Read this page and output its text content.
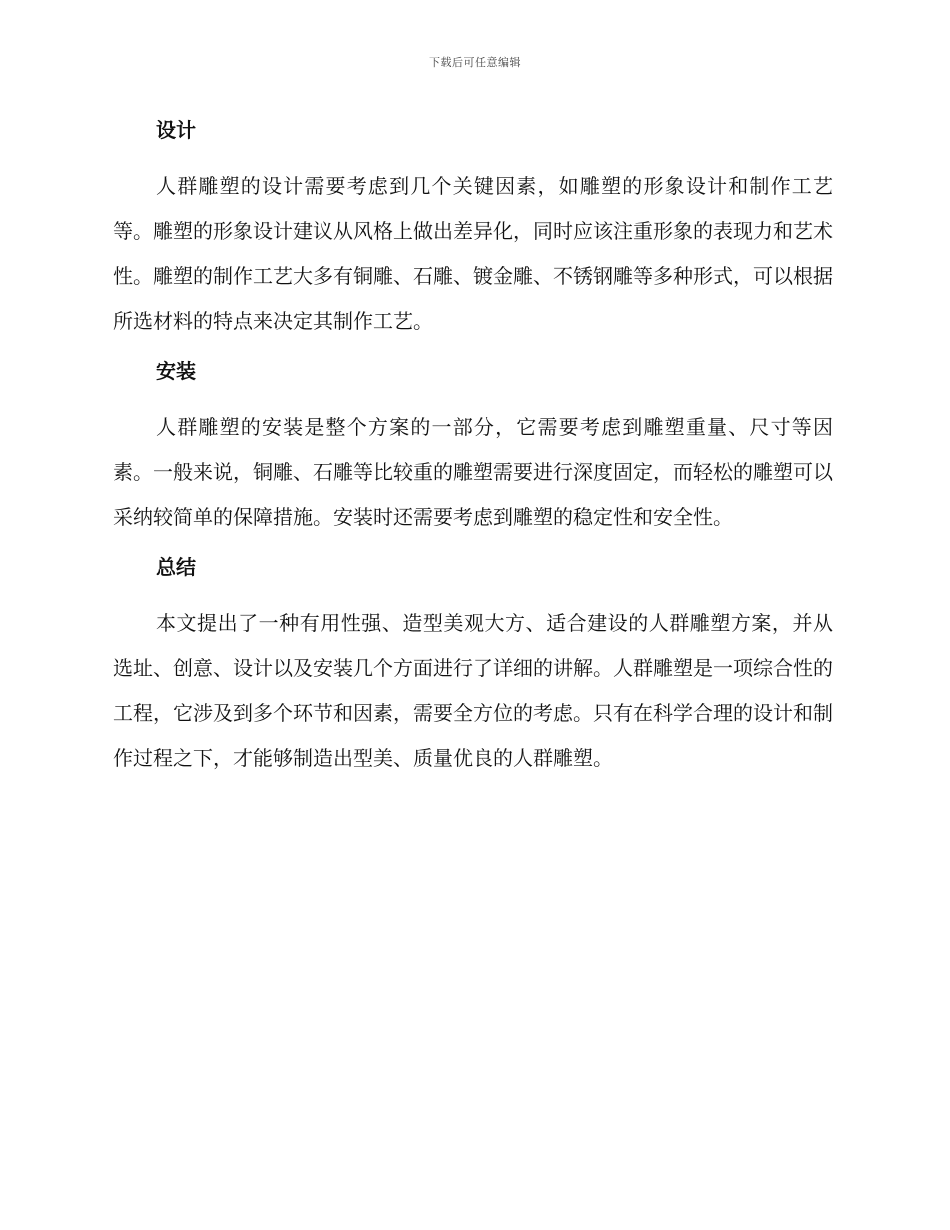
下载后可任意编辑
设计

人群雕塑的设计需要考虑到几个关键因素，如雕塑的形象设计和制作工艺等。雕塑的形象设计建议从风格上做出差异化，同时应该注重形象的表现力和艺术性。雕塑的制作工艺大多有铜雕、石雕、镀金雕、不锈钢雕等多种形式，可以根据所选材料的特点来决定其制作工艺。

安装

人群雕塑的安装是整个方案的一部分，它需要考虑到雕塑重量、尺寸等因素。一般来说，铜雕、石雕等比较重的雕塑需要进行深度固定，而轻松的雕塑可以采纳较简单的保障措施。安装时还需要考虑到雕塑的稳定性和安全性。

总结

本文提出了一种有用性强、造型美观大方、适合建设的人群雕塑方案，并从选址、创意、设计以及安装几个方面进行了详细的讲解。人群雕塑是一项综合性的工程，它涉及到多个环节和因素，需要全方位的考虑。只有在科学合理的设计和制作过程之下，才能够制造出型美、质量优良的人群雕塑。
